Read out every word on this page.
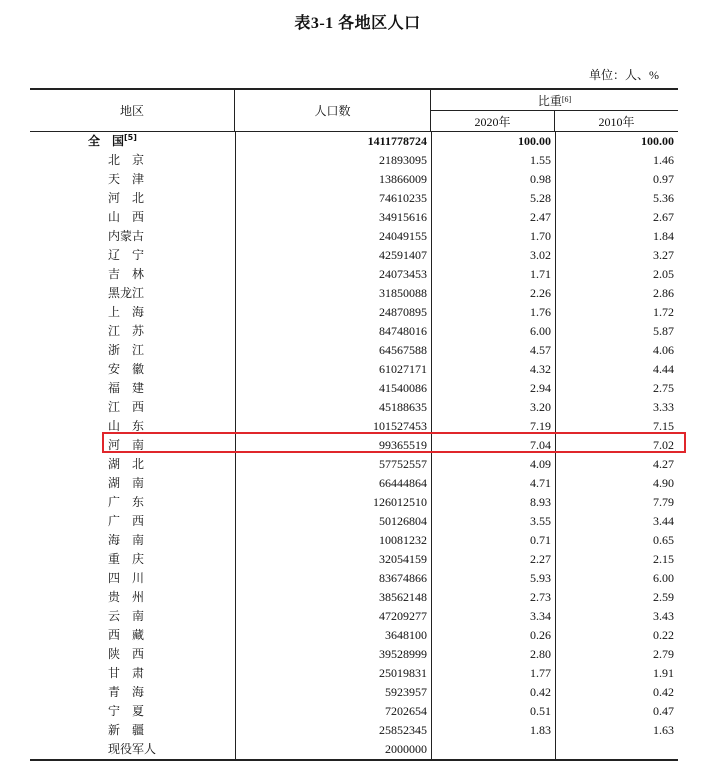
表3-1 各地区人口
单位：人、%
地区	人口数
比重 [6]
2020年	2010年
全　国[5]	1411778724	100.00	100.00
北　京	21893095	1.55	1.46
天　津	13866009	0.98	0.97
河　北	74610235	5.28	5.36
山　西	34915616	2.47	2.67
内蒙古	24049155	1.70	1.84
辽　宁	42591407	3.02	3.27
吉　林	24073453	1.71	2.05
黑龙江	31850088	2.26	2.86
上　海	24870895	1.76	1.72
江　苏	84748016	6.00	5.87
浙　江	64567588	4.57	4.06
安　徽	61027171	4.32	4.44
福　建	41540086	2.94	2.75
江　西	45188635	3.20	3.33
山　东	101527453	7.19	7.15
河　南	99365519	7.04	7.02
湖　北	57752557	4.09	4.27
湖　南	66444864	4.71	4.90
广　东	126012510	8.93	7.79
广　西	50126804	3.55	3.44
海　南	10081232	0.71	0.65
重　庆	32054159	2.27	2.15
四　川	83674866	5.93	6.00
贵　州	38562148	2.73	2.59
云　南	47209277	3.34	3.43
西　藏	3648100	0.26	0.22
陕　西	39528999	2.80	2.79
甘　肃	25019831	1.77	1.91
青　海	5923957	0.42	0.42
宁　夏	7202654	0.51	0.47
新　疆	25852345	1.83	1.63
现役军人	2000000
